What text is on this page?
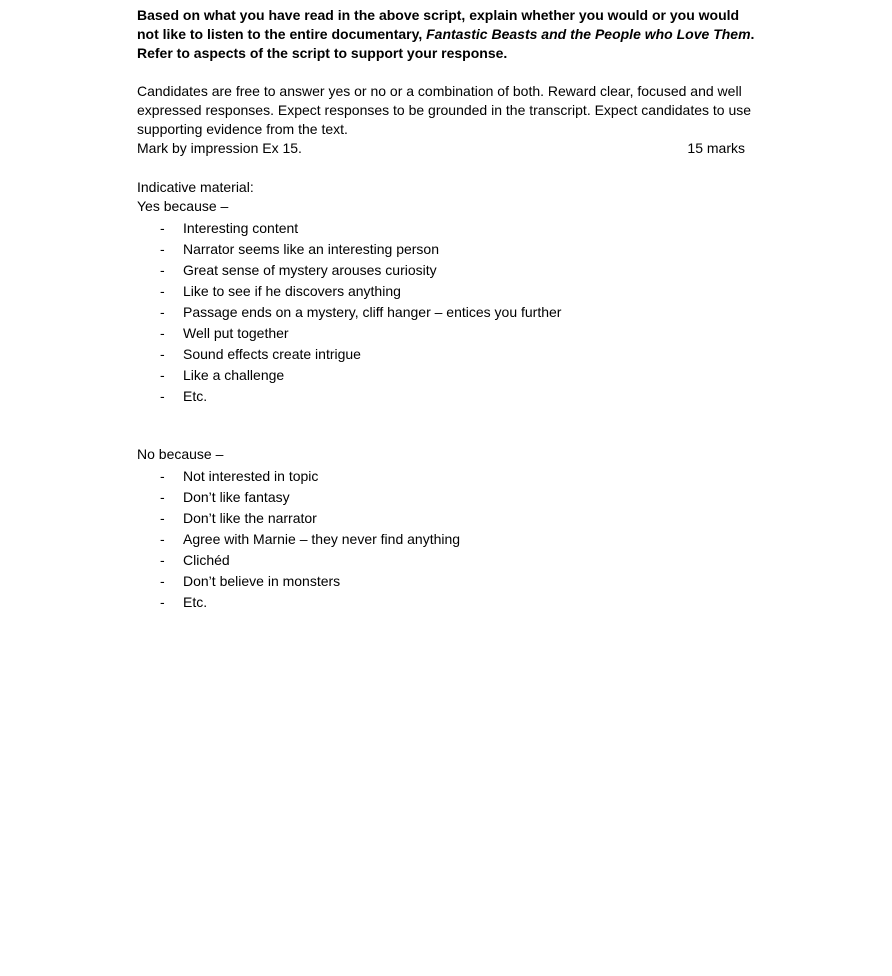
Based on what you have read in the above script, explain whether you would or you would not like to listen to the entire documentary, Fantastic Beasts and the People who Love Them. Refer to aspects of the script to support your response.

Candidates are free to answer yes or no or a combination of both. Reward clear, focused and well expressed responses. Expect responses to be grounded in the transcript. Expect candidates to use supporting evidence from the text.

Mark by impression Ex 15.	15 marks

Indicative material:

Yes because –

- Interesting content
- Narrator seems like an interesting person
- Great sense of mystery arouses curiosity
- Like to see if he discovers anything
- Passage ends on a mystery, cliff hanger – entices you further
- Well put together
- Sound effects create intrigue
- Like a challenge
- Etc.

No because –

- Not interested in topic
- Don’t like fantasy
- Don’t like the narrator
- Agree with Marnie – they never find anything
- Clichéd
- Don’t believe in monsters
- Etc.
